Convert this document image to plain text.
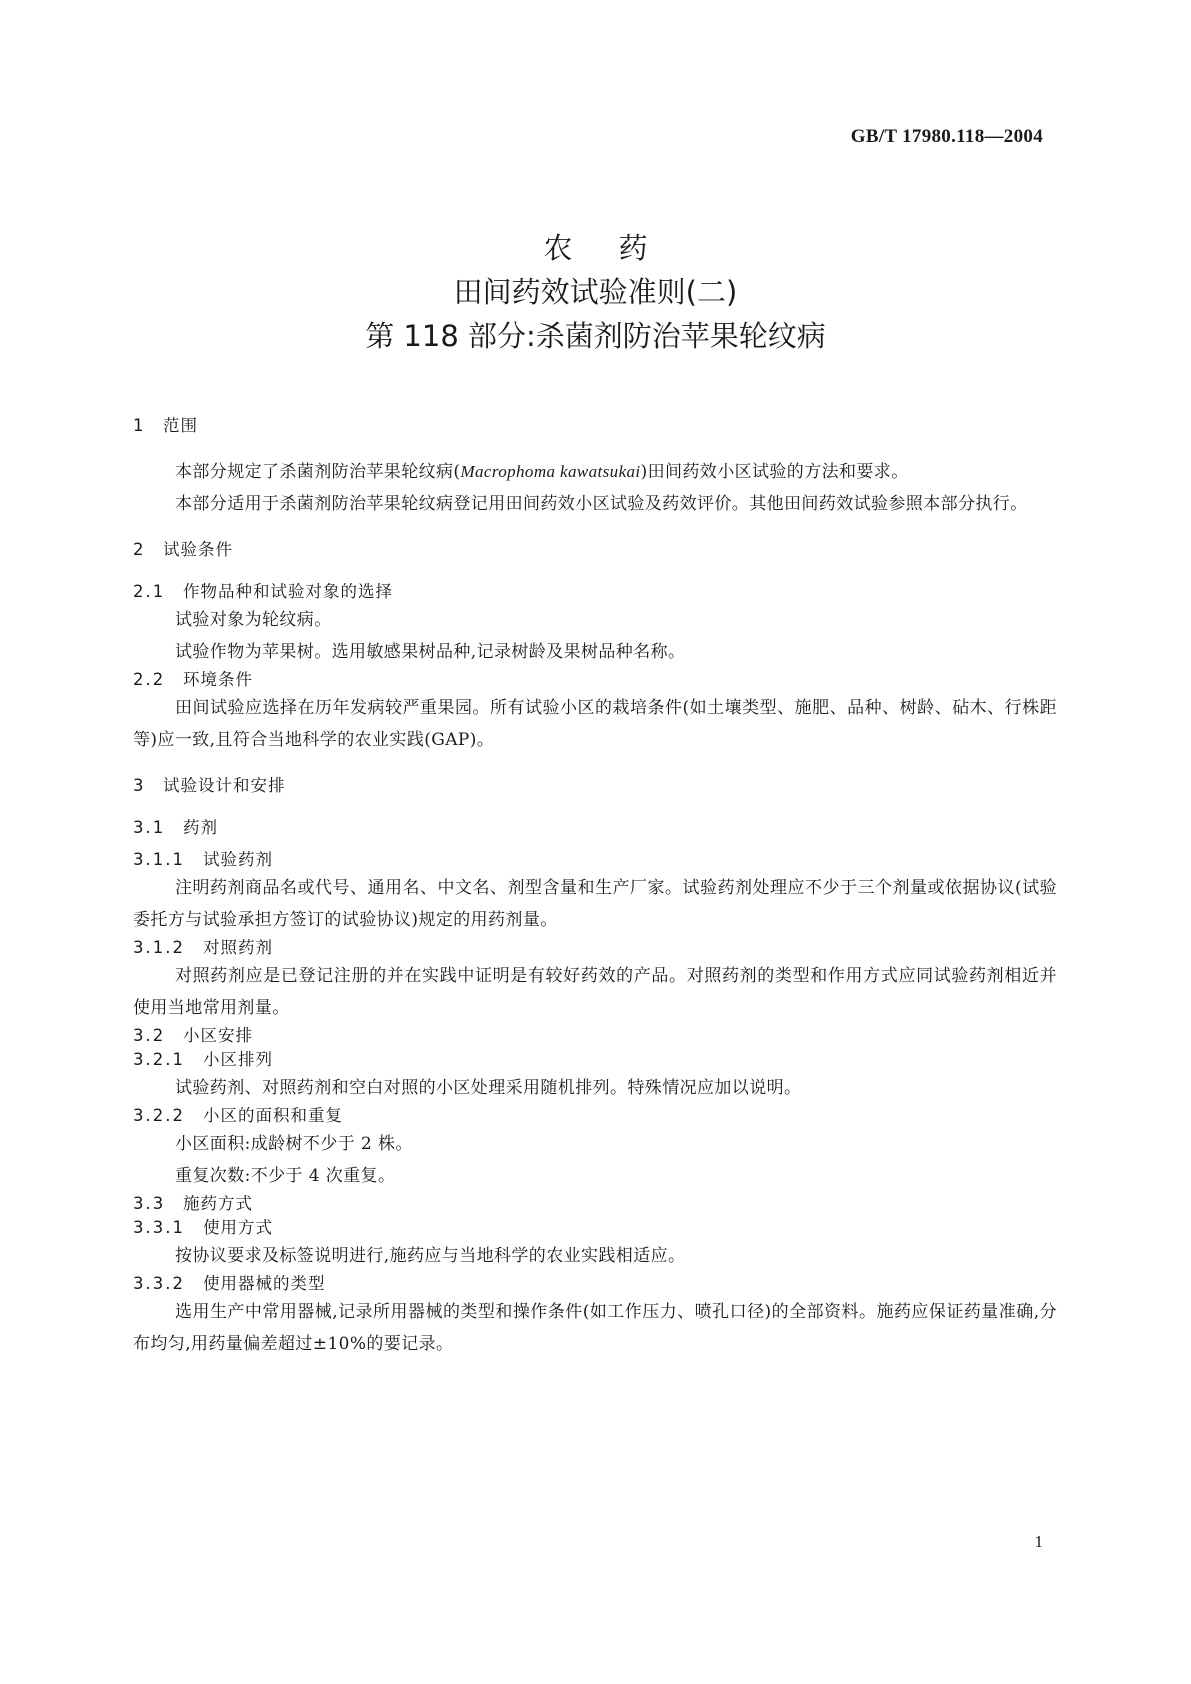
GB/T 17980.118—2004
农药
田间药效试验准则(二)
第 118 部分:杀菌剂防治苹果轮纹病
1	范围

本部分规定了杀菌剂防治苹果轮纹病(Macrophoma kawatsukai)田间药效小区试验的方法和要求。

本部分适用于杀菌剂防治苹果轮纹病登记用田间药效小区试验及药效评价。其他田间药效试验参照本部分执行。

2	试验条件
2.1	作物品种和试验对象的选择

试验对象为轮纹病。

试验作物为苹果树。选用敏感果树品种,记录树龄及果树品种名称。

2.2	环境条件

田间试验应选择在历年发病较严重果园。所有试验小区的栽培条件(如土壤类型、施肥、品种、树龄、砧木、行株距等)应一致,且符合当地科学的农业实践(GAP)。

3	试验设计和安排
3.1	药剂
3.1.1	试验药剂

注明药剂商品名或代号、通用名、中文名、剂型含量和生产厂家。试验药剂处理应不少于三个剂量或依据协议(试验委托方与试验承担方签订的试验协议)规定的用药剂量。

3.1.2	对照药剂

对照药剂应是已登记注册的并在实践中证明是有较好药效的产品。对照药剂的类型和作用方式应同试验药剂相近并使用当地常用剂量。

3.2	小区安排
3.2.1	小区排列

试验药剂、对照药剂和空白对照的小区处理采用随机排列。特殊情况应加以说明。

3.2.2	小区的面积和重复

小区面积:成龄树不少于 2 株。

重复次数:不少于 4 次重复。

3.3	施药方式
3.3.1	使用方式

按协议要求及标签说明进行,施药应与当地科学的农业实践相适应。

3.3.2	使用器械的类型

选用生产中常用器械,记录所用器械的类型和操作条件(如工作压力、喷孔口径)的全部资料。施药应保证药量准确,分布均匀,用药量偏差超过±10%的要记录。

1
